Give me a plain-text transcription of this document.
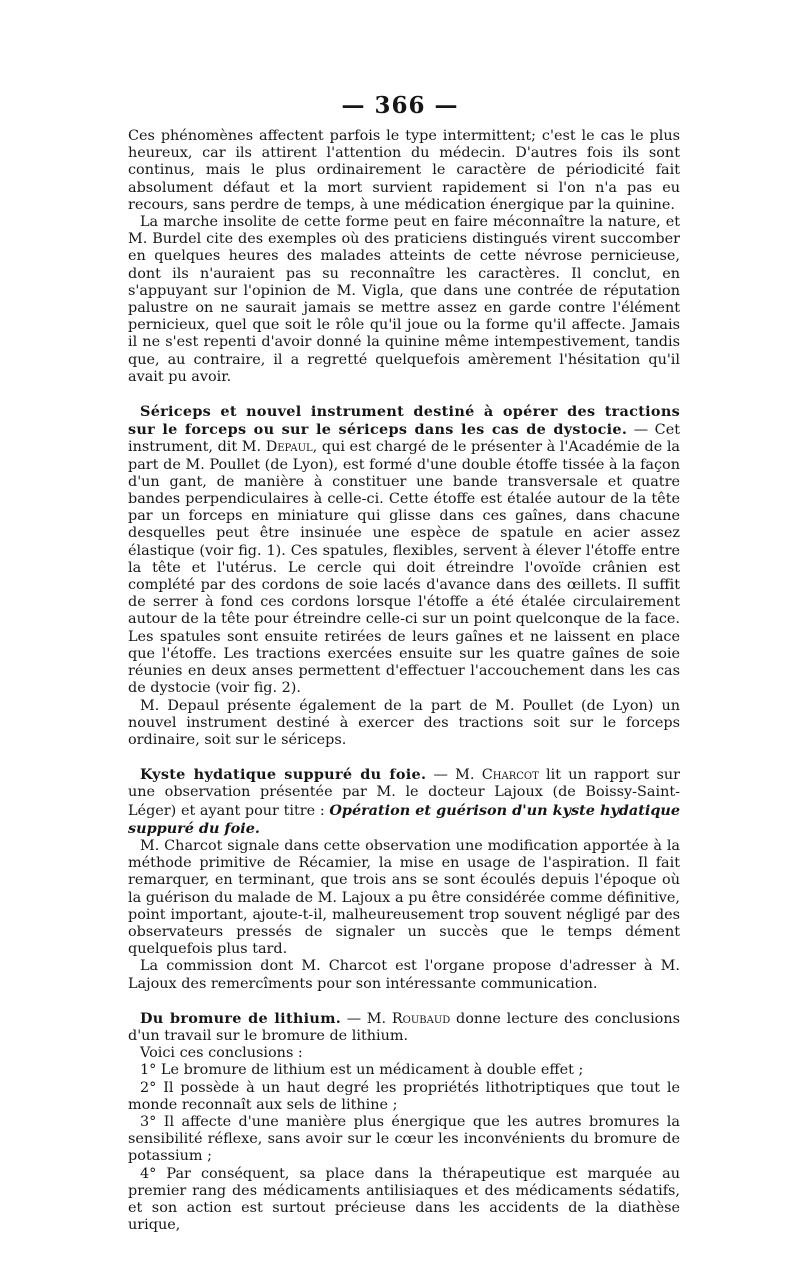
— 366 —

Ces phénomènes affectent parfois le type intermittent; c'est le cas le plus heureux, car ils attirent l'attention du médecin. D'autres fois ils sont continus, mais le plus ordinairement le caractère de périodicité fait absolument défaut et la mort survient rapidement si l'on n'a pas eu recours, sans perdre de temps, à une médication énergique par la quinine.

La marche insolite de cette forme peut en faire méconnaître la nature, et M. Burdel cite des exemples où des praticiens distingués virent succomber en quelques heures des malades atteints de cette névrose pernicieuse, dont ils n'auraient pas su reconnaître les caractères. Il conclut, en s'appuyant sur l'opinion de M. Vigla, que dans une contrée de réputation palustre on ne saurait jamais se mettre assez en garde contre l'élément pernicieux, quel que soit le rôle qu'il joue ou la forme qu'il affecte. Jamais il ne s'est repenti d'avoir donné la quinine même intempestivement, tandis que, au contraire, il a regretté quelquefois amèrement l'hésitation qu'il avait pu avoir.

Sériceps et nouvel instrument destiné à opérer des tractions sur le forceps ou sur le sériceps dans les cas de dystocie. — Cet instrument, dit M. Depaul, qui est chargé de le présenter à l'Académie de la part de M. Poullet (de Lyon), est formé d'une double étoffe tissée à la façon d'un gant, de manière à constituer une bande transversale et quatre bandes perpendiculaires à celle-ci. Cette étoffe est étalée autour de la tête par un forceps en miniature qui glisse dans ces gaînes, dans chacune desquelles peut être insinuée une espèce de spatule en acier assez élastique (voir fig. 1). Ces spatules, flexibles, servent à élever l'étoffe entre la tête et l'utérus. Le cercle qui doit étreindre l'ovoïde crânien est complété par des cordons de soie lacés d'avance dans des œillets. Il suffit de serrer à fond ces cordons lorsque l'étoffe a été étalée circulairement autour de la tête pour étreindre celle-ci sur un point quelconque de la face. Les spatules sont ensuite retirées de leurs gaînes et ne laissent en place que l'étoffe. Les tractions exercées ensuite sur les quatre gaînes de soie réunies en deux anses permettent d'effectuer l'accouchement dans les cas de dystocie (voir fig. 2).

M. Depaul présente également de la part de M. Poullet (de Lyon) un nouvel instrument destiné à exercer des tractions soit sur le forceps ordinaire, soit sur le sériceps.

Kyste hydatique suppuré du foie. — M. Charcot lit un rapport sur une observation présentée par M. le docteur Lajoux (de Boissy-Saint-Léger) et ayant pour titre : Opération et guérison d'un kyste hydatique suppuré du foie.

M. Charcot signale dans cette observation une modification apportée à la méthode primitive de Récamier, la mise en usage de l'aspiration. Il fait remarquer, en terminant, que trois ans se sont écoulés depuis l'époque où la guérison du malade de M. Lajoux a pu être considérée comme définitive, point important, ajoute-t-il, malheureusement trop souvent négligé par des observateurs pressés de signaler un succès que le temps dément quelquefois plus tard.

La commission dont M. Charcot est l'organe propose d'adresser à M. Lajoux des remercîments pour son intéressante communication.

Du bromure de lithium. — M. Roubaud donne lecture des conclusions d'un travail sur le bromure de lithium.

Voici ces conclusions :

1° Le bromure de lithium est un médicament à double effet ;

2° Il possède à un haut degré les propriétés lithotriptiques que tout le monde reconnaît aux sels de lithine ;

3° Il affecte d'une manière plus énergique que les autres bromures la sensibilité réflexe, sans avoir sur le cœur les inconvénients du bromure de potassium ;

4° Par conséquent, sa place dans la thérapeutique est marquée au premier rang des médicaments antilisiaques et des médicaments sédatifs, et son action est surtout précieuse dans les accidents de la diathèse urique,
